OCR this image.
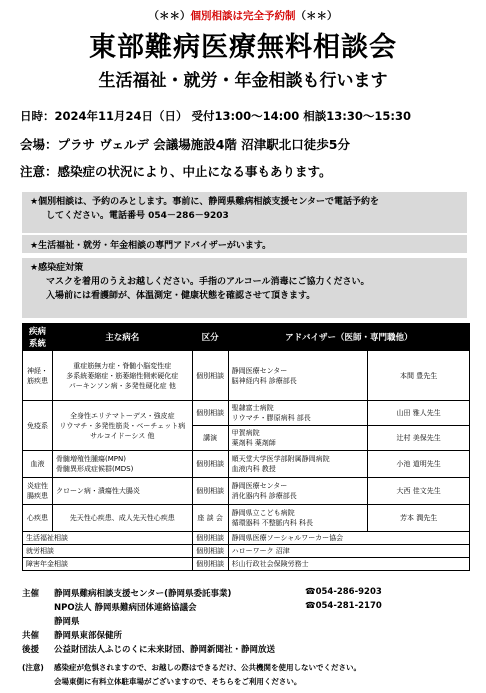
（＊＊）個別相談は完全予約制（＊＊）
東部難病医療無料相談会
生活福祉・就労・年金相談も行います
日時：2024年11月24日（日） 受付13:00～14:00 相談13:30～15:30
会場：プラサ ヴェルデ 会議場施設4階 沼津駅北口徒歩5分
注意：感染症の状況により、中止になる事もあります。
★個別相談は、予約のみとします。事前に、静岡県難病相談支援センターで電話予約を

してください。電話番号 054－286－9203
★生活福祉・就労・年金相談の専門アドバイザーがいます。
★感染症対策

マスクを着用のうえお越しください。手指のアルコール消毒にご協力ください。
入場前には看護師が、体温測定・健康状態を確認させて頂きます。
疾病系統	主な病名	区分	アドバイザー（医師・専門職他）	
神経・
筋疾患	重症筋無力症・脊髄小脳変性症
多系統萎縮症・筋萎縮性側索硬化症
パーキンソン病・多発性硬化症 他	個別相談	静岡医療センター
脳神経内科 診療部長	本間 豊先生
免疫系	全身性エリテマトーデス・強皮症
リウマチ・多発性筋炎・ベーチェット病
サルコイドーシス 他	個別相談	聖隷富士病院
リウマチ・膠原病科 部長	山田 雅人先生
		講演	甲賀病院
薬剤科 薬剤師	辻村 美保先生
血液	骨髄増殖性腫瘍(MPN)
骨髄異形成症候群(MDS)	個別相談	順天堂大学医学部附属静岡病院
血液内科 教授	小池 道明先生
炎症性
腸疾患	クローン病・潰瘍性大腸炎	個別相談	静岡医療センター
消化器内科 診療部長	大西 佳文先生
心疾患	先天性心疾患、成人先天性心疾患	座 談 会	静岡県立こども病院
循環器科 不整脈内科 科長	芳本 潤先生
生活福祉相談		個別相談	静岡県医療ソーシャルワーカー協会	
就労相談		個別相談	ハローワーク 沼津	
障害年金相談		個別相談	杉山行政社会保険労務士	
主催 静岡県難病相談支援センター(静岡県委託事業)	☎054-286-9203
NPO法人 静岡県難病団体連絡協議会	☎054-281-2170
静岡県
共催 静岡県東部保健所
後援 公益財団法人ふじのくに未来財団、静岡新聞社・静岡放送
(注意) 感染症が危惧されますので、お越しの際はできるだけ、公共機関を使用しないでください。
会場東側に有料立体駐車場がございますので、そちらをご利用ください。
